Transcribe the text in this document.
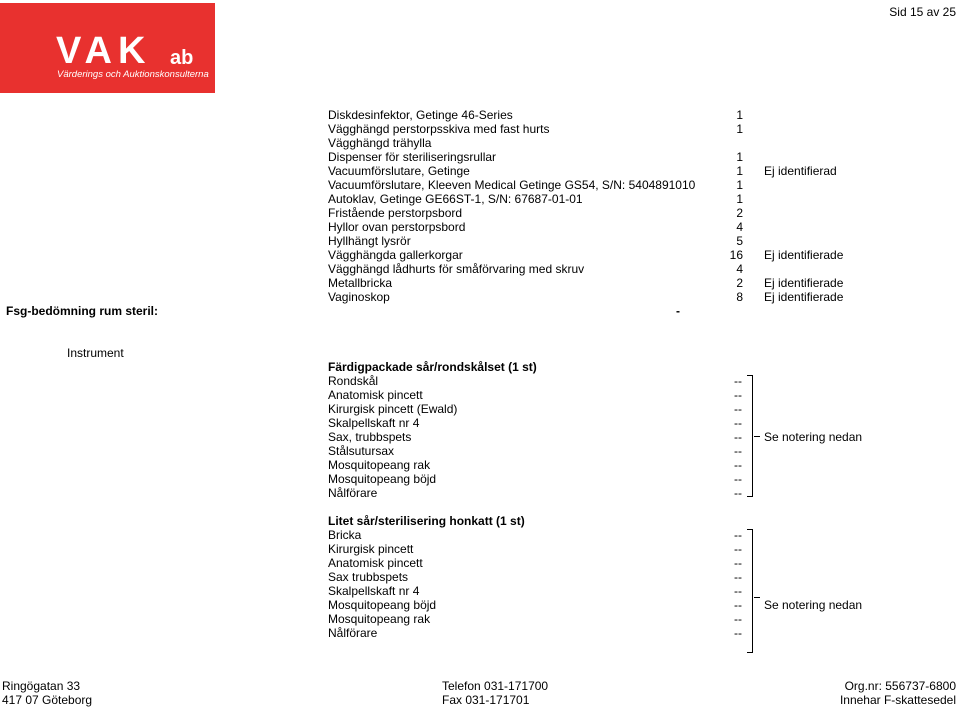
VAK ab
Värderings och Auktionskonsulterna
Sid 15 av 25
Diskdesinfektor, Getinge 46-Series	1
Vägghängd perstorpsskiva med fast hurts	1
Vägghängd trähylla
Dispenser för steriliseringsrullar	1
Vacuumförslutare, Getinge	1 Ej identifierad
Vacuumförslutare, Kleeven Medical Getinge GS54, S/N: 5404891010	1
Autoklav, Getinge GE66ST-1, S/N: 67687-01-01	1
Fristående perstorpsbord	2
Hyllor ovan perstorpsbord	4
Hyllhängt lysrör	5
Vägghängda gallerkorgar	16 Ej identifierade
Vägghängd lådhurts för småförvaring med skruv	4
Metallbricka	2 Ej identifierade
Vaginoskop	8 Ej identifierade
Fsg-bedömning rum steril:	-
Instrument
Färdigpackade sår/rondskålset (1 st)
Rondskål	--
Anatomisk pincett	--
Kirurgisk pincett (Ewald)	--
Skalpellskaft nr 4	--
Sax, trubbspets	--
Stålsutursax	--
Mosquitopeang rak	--
Mosquitopeang böjd	--
Nålförare	--
Se notering nedan
Litet sår/sterilisering honkatt (1 st)
Bricka	--
Kirurgisk pincett	--
Anatomisk pincett	--
Sax trubbspets	--
Skalpellskaft nr 4	--
Mosquitopeang böjd	--
Mosquitopeang rak	--
Nålförare	--
Se notering nedan
Ringögatan 33
417 07 Göteborg
Telefon 031-171700
Fax 031-171701
Org.nr: 556737-6800
Innehar F-skattesedel
